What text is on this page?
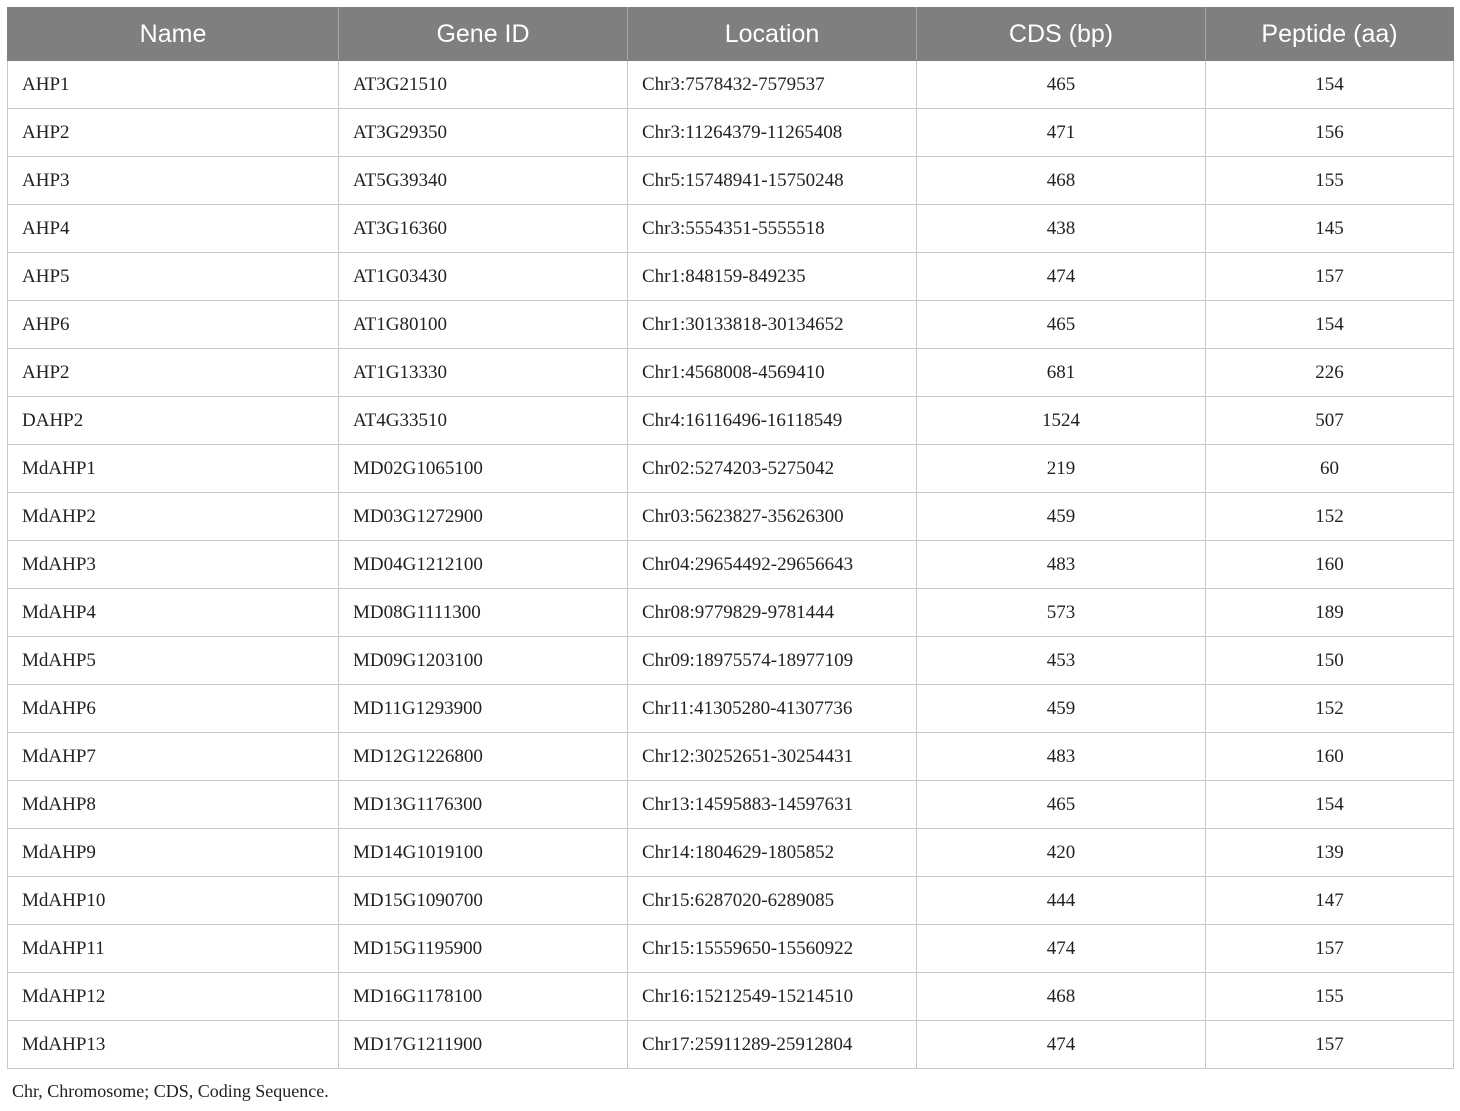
Name	Gene ID	Location	CDS (bp)	Peptide (aa)
AHP1	AT3G21510	Chr3:7578432-7579537	465	154
AHP2	AT3G29350	Chr3:11264379-11265408	471	156
AHP3	AT5G39340	Chr5:15748941-15750248	468	155
AHP4	AT3G16360	Chr3:5554351-5555518	438	145
AHP5	AT1G03430	Chr1:848159-849235	474	157
AHP6	AT1G80100	Chr1:30133818-30134652	465	154
AHP2	AT1G13330	Chr1:4568008-4569410	681	226
DAHP2	AT4G33510	Chr4:16116496-16118549	1524	507
MdAHP1	MD02G1065100	Chr02:5274203-5275042	219	60
MdAHP2	MD03G1272900	Chr03:5623827-35626300	459	152
MdAHP3	MD04G1212100	Chr04:29654492-29656643	483	160
MdAHP4	MD08G1111300	Chr08:9779829-9781444	573	189
MdAHP5	MD09G1203100	Chr09:18975574-18977109	453	150
MdAHP6	MD11G1293900	Chr11:41305280-41307736	459	152
MdAHP7	MD12G1226800	Chr12:30252651-30254431	483	160
MdAHP8	MD13G1176300	Chr13:14595883-14597631	465	154
MdAHP9	MD14G1019100	Chr14:1804629-1805852	420	139
MdAHP10	MD15G1090700	Chr15:6287020-6289085	444	147
MdAHP11	MD15G1195900	Chr15:15559650-15560922	474	157
MdAHP12	MD16G1178100	Chr16:15212549-15214510	468	155
MdAHP13	MD17G1211900	Chr17:25911289-25912804	474	157
Chr, Chromosome; CDS, Coding Sequence.
